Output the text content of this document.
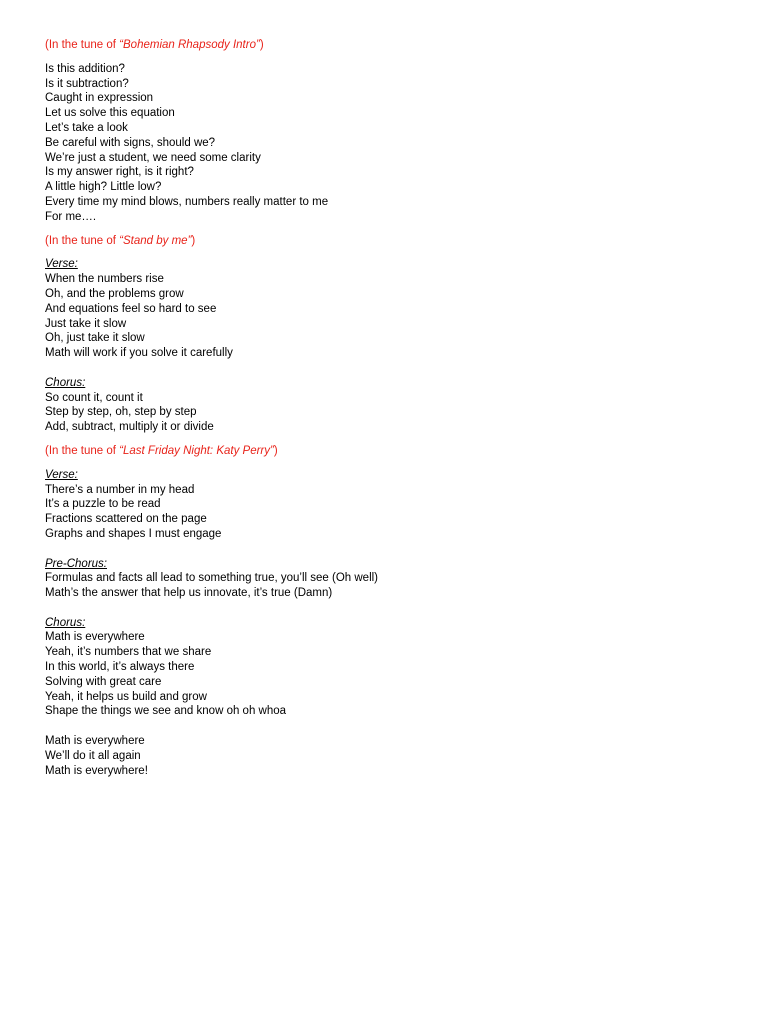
(In the tune of “Bohemian Rhapsody Intro”)

Is this addition?
Is it subtraction?
Caught in expression
Let us solve this equation
Let’s take a look
Be careful with signs, should we?
We’re just a student, we need some clarity
Is my answer right, is it right?
A little high? Little low?
Every time my mind blows, numbers really matter to me
For me….

(In the tune of “Stand by me”)

Verse:
When the numbers rise
Oh, and the problems grow
And equations feel so hard to see
Just take it slow
Oh, just take it slow
Math will work if you solve it carefully
Chorus:
So count it, count it
Step by step, oh, step by step
Add, subtract, multiply it or divide

(In the tune of “Last Friday Night: Katy Perry”)

Verse:
There’s a number in my head
It’s a puzzle to be read
Fractions scattered on the page
Graphs and shapes I must engage
Pre-Chorus:
Formulas and facts all lead to something true, you’ll see (Oh well)
Math’s the answer that help us innovate, it’s true (Damn)
Chorus:
Math is everywhere
Yeah, it’s numbers that we share
In this world, it’s always there
Solving with great care
Yeah, it helps us build and grow
Shape the things we see and know oh oh whoa
Math is everywhere
We’ll do it all again
Math is everywhere!
